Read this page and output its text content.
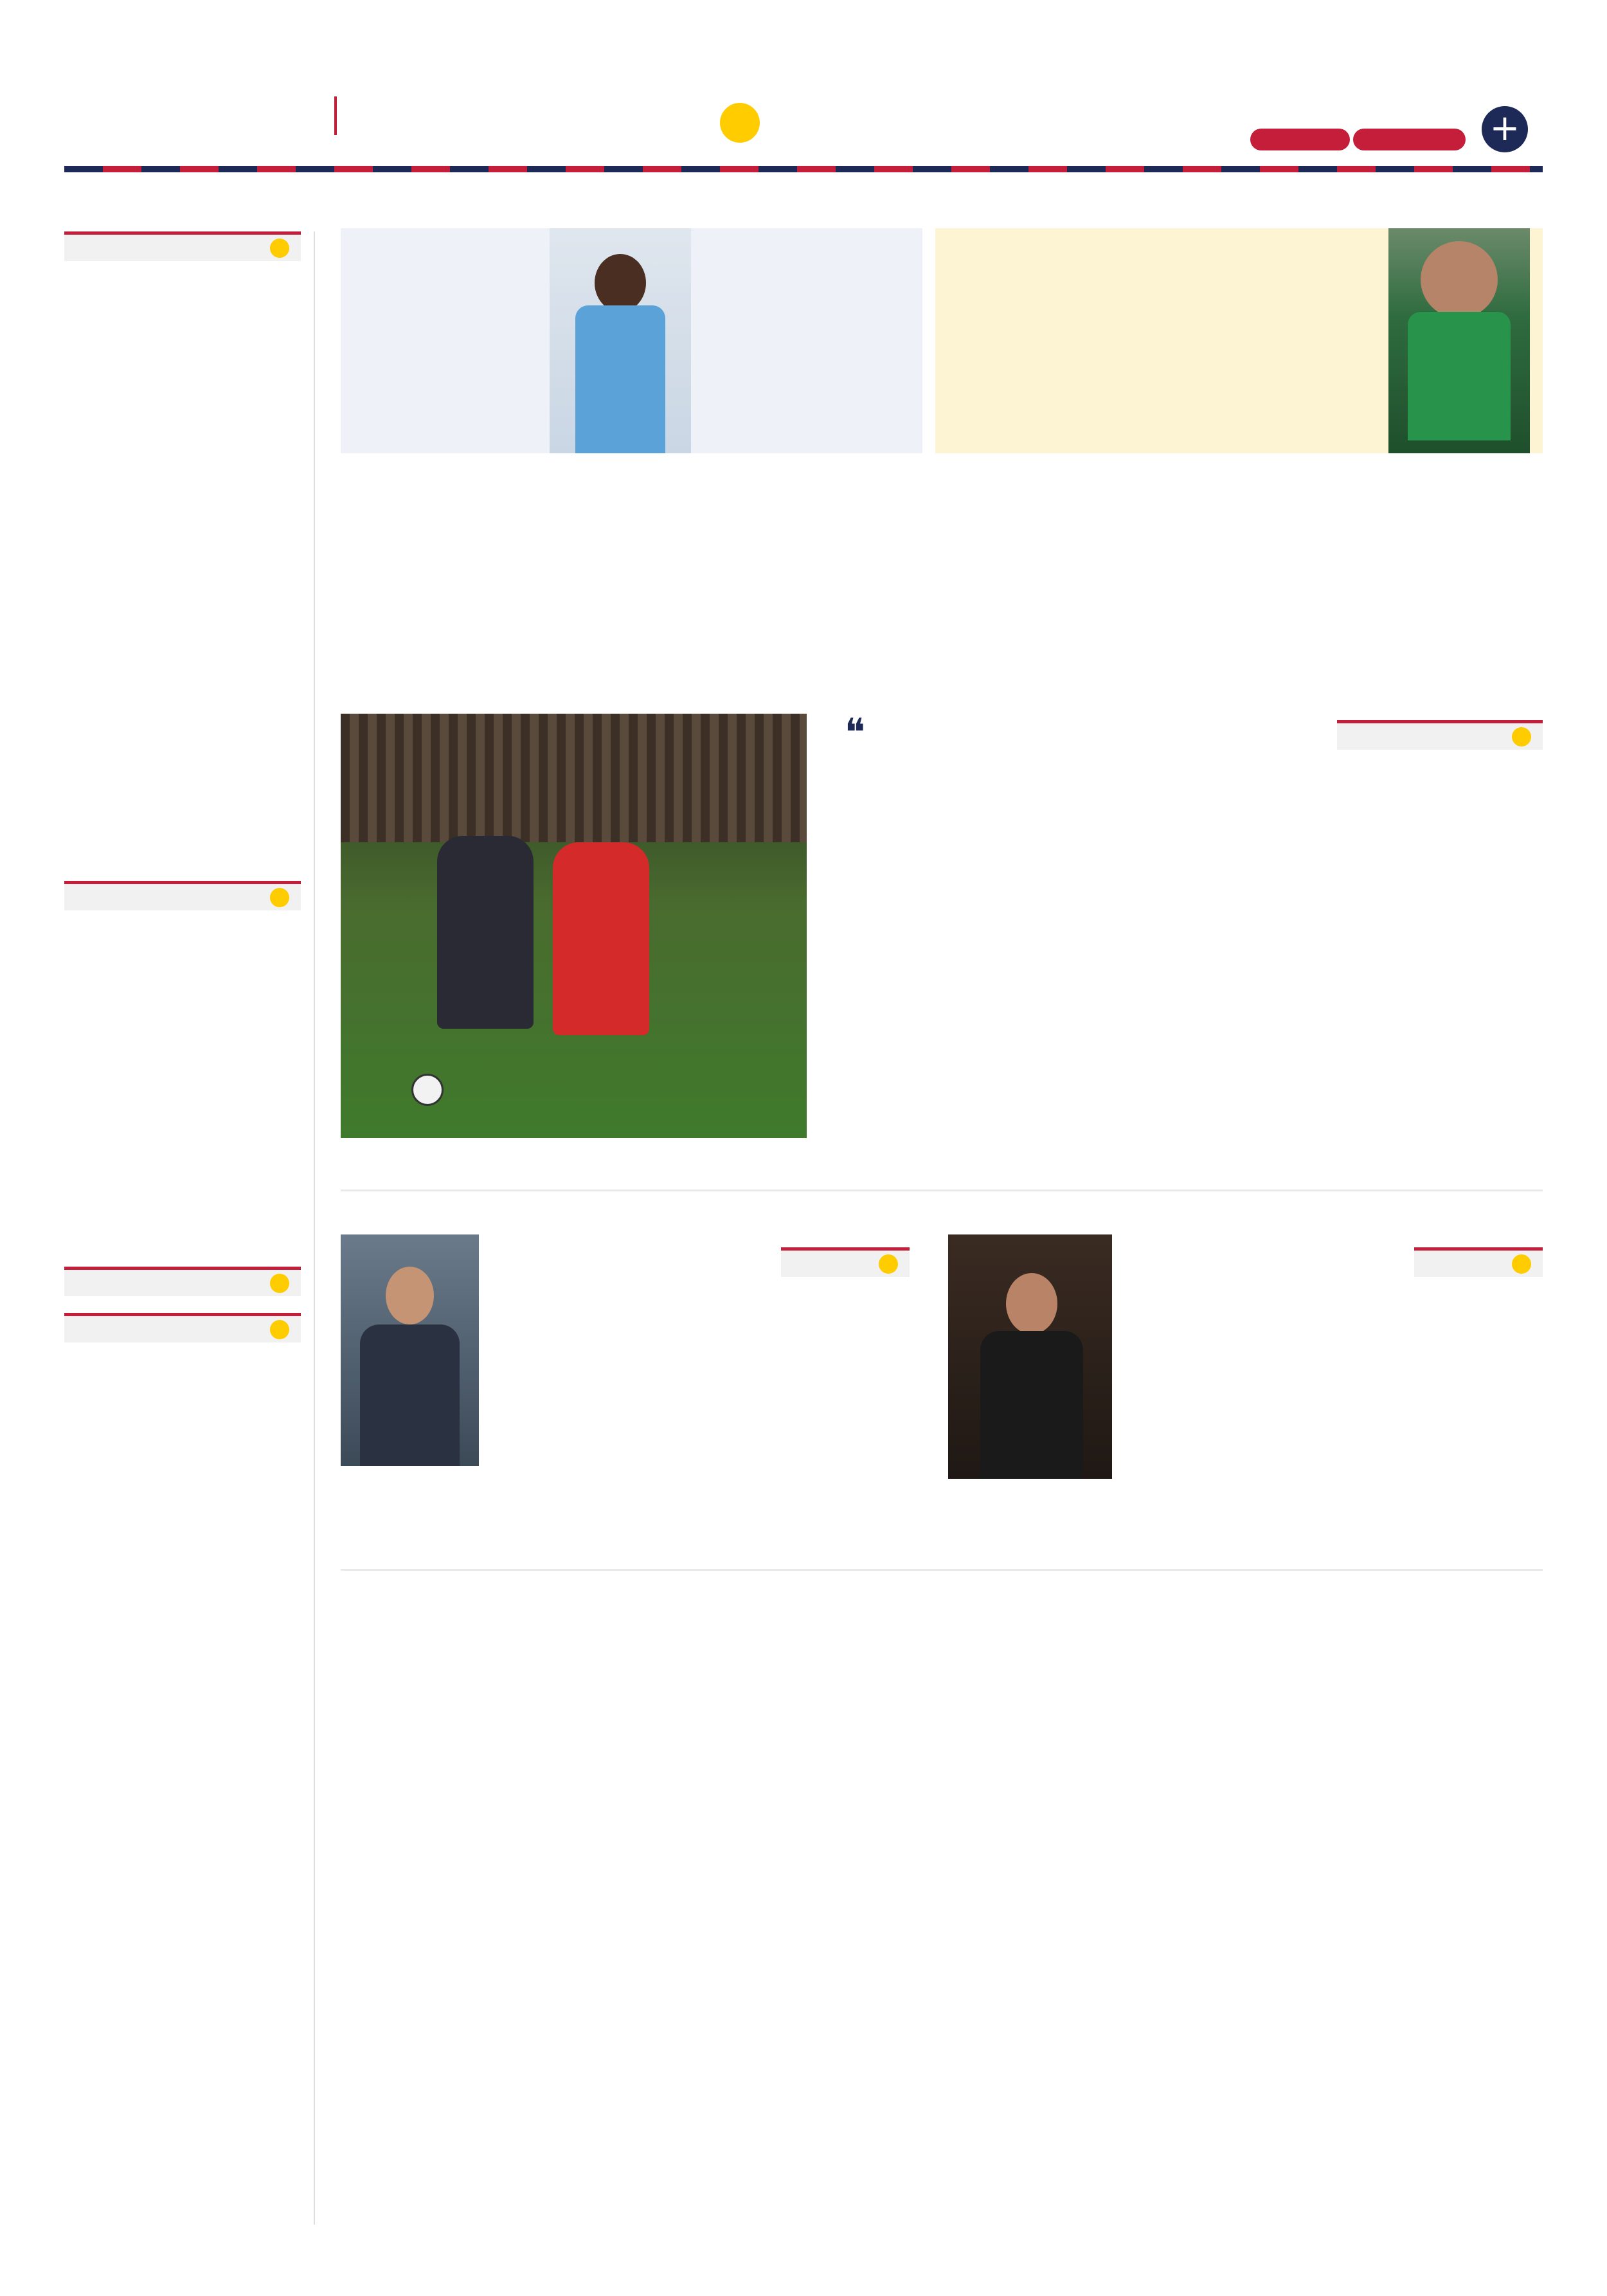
+
❝
